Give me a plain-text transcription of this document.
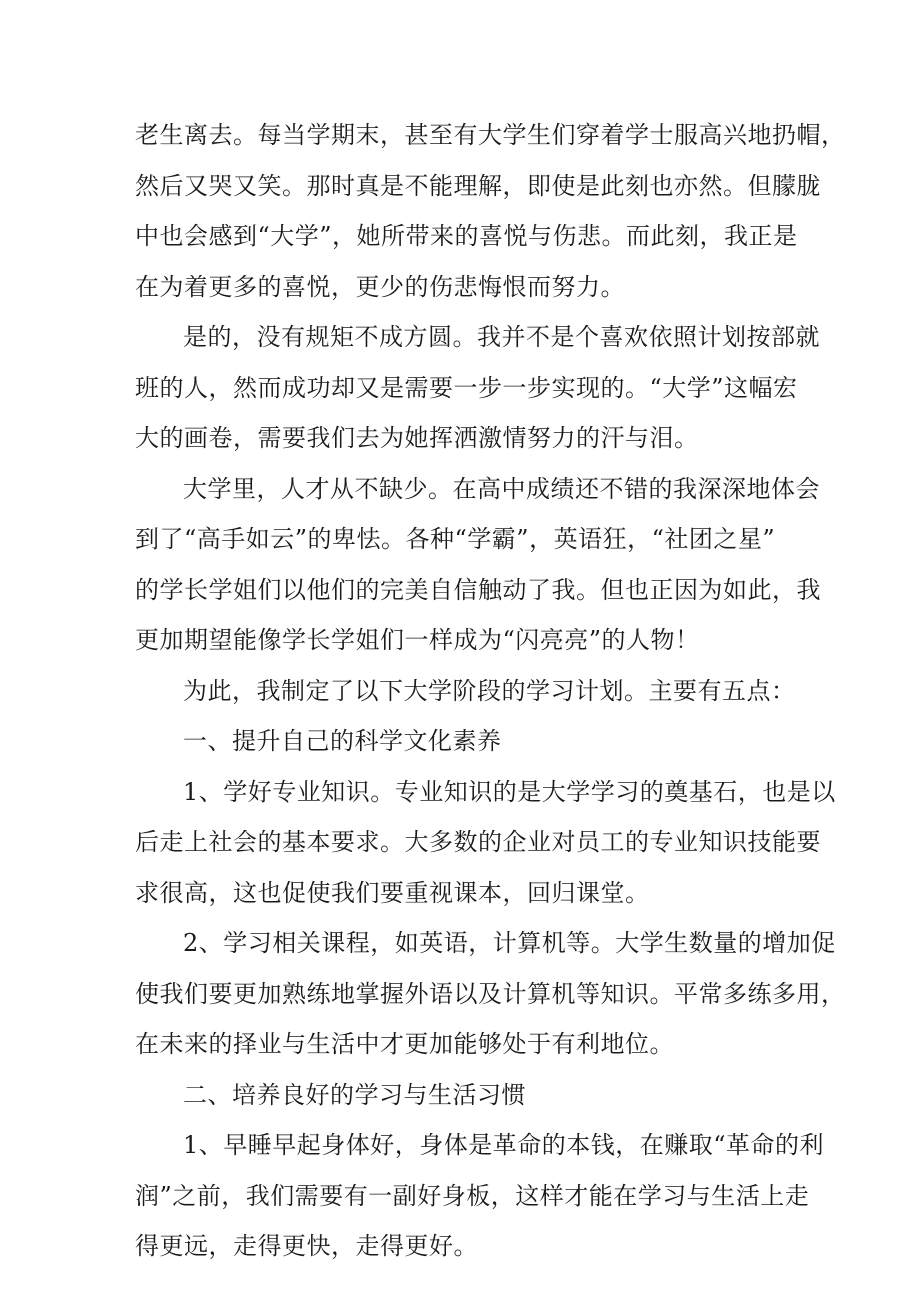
老生离去。每当学期末，甚至有大学生们穿着学士服高兴地扔帽，
然后又哭又笑。那时真是不能理解，即使是此刻也亦然。但朦胧
中也会感到“大学”，她所带来的喜悦与伤悲。而此刻，我正是
在为着更多的喜悦，更少的伤悲悔恨而努力。
是的，没有规矩不成方圆。我并不是个喜欢依照计划按部就
班的人，然而成功却又是需要一步一步实现的。“大学”这幅宏
大的画卷，需要我们去为她挥洒激情努力的汗与泪。
大学里，人才从不缺少。在高中成绩还不错的我深深地体会
到了“高手如云”的卑怯。各种“学霸”，英语狂，“社团之星”
的学长学姐们以他们的完美自信触动了我。但也正因为如此，我
更加期望能像学长学姐们一样成为“闪亮亮”的人物！
为此，我制定了以下大学阶段的学习计划。主要有五点：
一、提升自己的科学文化素养
1、学好专业知识。专业知识的是大学学习的奠基石，也是以
后走上社会的基本要求。大多数的企业对员工的专业知识技能要
求很高，这也促使我们要重视课本，回归课堂。
2、学习相关课程，如英语，计算机等。大学生数量的增加促
使我们要更加熟练地掌握外语以及计算机等知识。平常多练多用，
在未来的择业与生活中才更加能够处于有利地位。
二、培养良好的学习与生活习惯
1、早睡早起身体好，身体是革命的本钱，在赚取“革命的利
润”之前，我们需要有一副好身板，这样才能在学习与生活上走
得更远，走得更快，走得更好。
